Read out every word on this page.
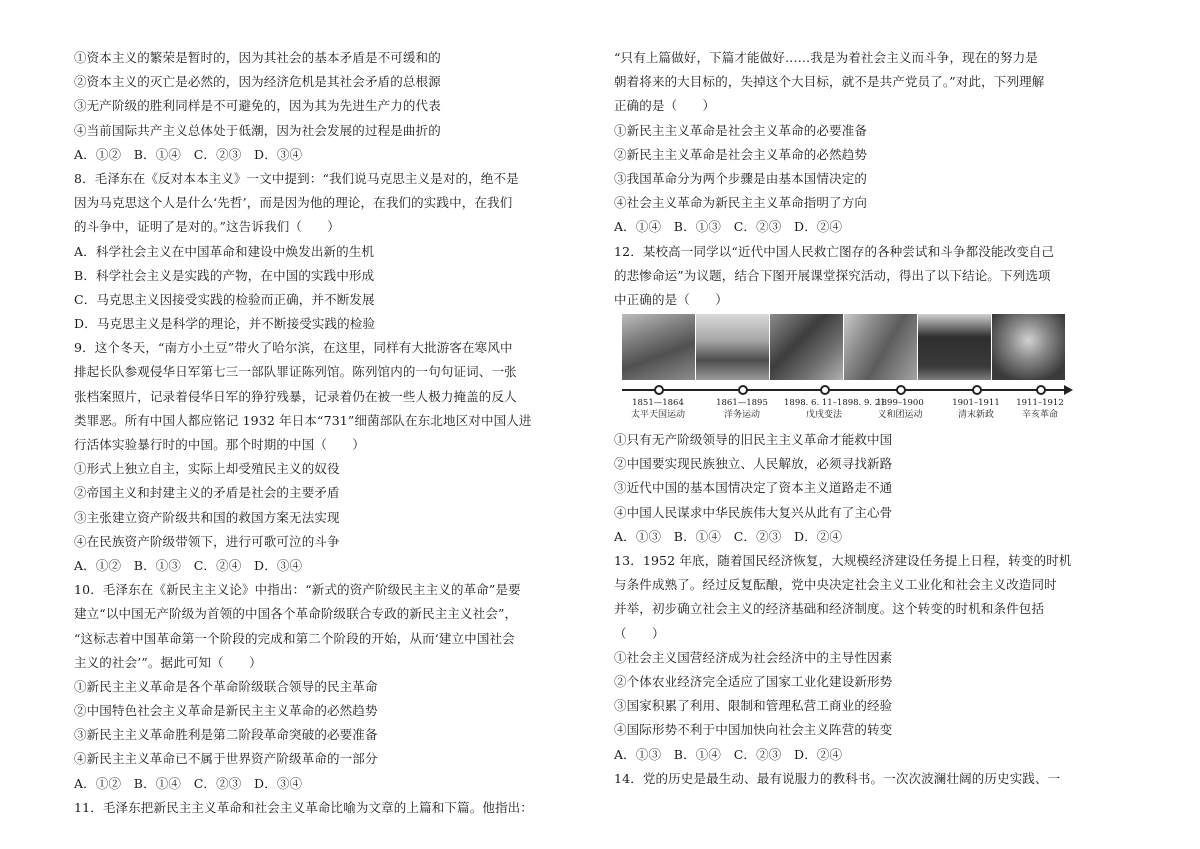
①资本主义的繁荣是暂时的，因为其社会的基本矛盾是不可缓和的
②资本主义的灭亡是必然的，因为经济危机是其社会矛盾的总根源
③无产阶级的胜利同样是不可避免的，因为其为先进生产力的代表
④当前国际共产主义总体处于低潮，因为社会发展的过程是曲折的
A．①②　B．①④　C．②③　D．③④
8．毛泽东在《反对本本主义》一文中提到：“我们说马克思主义是对的，绝不是
因为马克思这个人是什么‘先哲’，而是因为他的理论，在我们的实践中，在我们
的斗争中，证明了是对的。”这告诉我们（　　）
A．科学社会主义在中国革命和建设中焕发出新的生机
B．科学社会主义是实践的产物，在中国的实践中形成
C．马克思主义因接受实践的检验而正确，并不断发展
D．马克思主义是科学的理论，并不断接受实践的检验
9．这个冬天，“南方小土豆”带火了哈尔滨，在这里，同样有大批游客在寒风中
排起长队参观侵华日军第七三一部队罪证陈列馆。陈列馆内的一句句证词、一张
张档案照片，记录着侵华日军的狰狞残暴，记录着仍在被一些人极力掩盖的反人
类罪恶。所有中国人都应铭记 1932 年日本“731”细菌部队在东北地区对中国人进
行活体实验暴行时的中国。那个时期的中国（　　）
①形式上独立自主，实际上却受殖民主义的奴役
②帝国主义和封建主义的矛盾是社会的主要矛盾
③主张建立资产阶级共和国的救国方案无法实现
④在民族资产阶级带领下，进行可歌可泣的斗争
A．①②　B．①③　C．②④　D．③④
10．毛泽东在《新民主主义论》中指出：“新式的资产阶级民主主义的革命”是要
建立“以中国无产阶级为首领的中国各个革命阶级联合专政的新民主主义社会”，
“这标志着中国革命第一个阶段的完成和第二个阶段的开始，从而‘建立中国社会
主义的社会’”。据此可知（　　）
①新民主主义革命是各个革命阶级联合领导的民主革命
②中国特色社会主义革命是新民主主义革命的必然趋势
③新民主主义革命胜利是第二阶段革命突破的必要准备
④新民主主义革命已不属于世界资产阶级革命的一部分
A．①②　B．①④　C．②③　D．③④
11．毛泽东把新民主主义革命和社会主义革命比喻为文章的上篇和下篇。他指出：
“只有上篇做好，下篇才能做好……我是为着社会主义而斗争，现在的努力是
朝着将来的大目标的，失掉这个大目标，就不是共产党员了。”对此，下列理解
正确的是（　　）
①新民主主义革命是社会主义革命的必要准备
②新民主主义革命是社会主义革命的必然趋势
③我国革命分为两个步骤是由基本国情决定的
④社会主义革命为新民主主义革命指明了方向
A．①④　B．①③　C．②③　D．②④
12．某校高一同学以“近代中国人民救亡图存的各种尝试和斗争都没能改变自己
的悲惨命运”为议题，结合下图开展课堂探究活动，得出了以下结论。下列选项
中正确的是（　　）
1851—1864
太平天国运动
1861—1895
洋务运动
1898. 6. 11–1898. 9. 21
戊戌变法
1899–1900
义和团运动
1901–1911
清末新政
1911–1912
辛亥革命
①只有无产阶级领导的旧民主主义革命才能救中国
②中国要实现民族独立、人民解放，必须寻找新路
③近代中国的基本国情决定了资本主义道路走不通
④中国人民谋求中华民族伟大复兴从此有了主心骨
A．①③　B．①④　C．②③　D．②④
13．1952 年底，随着国民经济恢复，大规模经济建设任务提上日程，转变的时机
与条件成熟了。经过反复酝酿，党中央决定社会主义工业化和社会主义改造同时
并举，初步确立社会主义的经济基础和经济制度。这个转变的时机和条件包括
（　　）
①社会主义国营经济成为社会经济中的主导性因素
②个体农业经济完全适应了国家工业化建设新形势
③国家积累了利用、限制和管理私营工商业的经验
④国际形势不利于中国加快向社会主义阵营的转变
A．①③　B．①④　C．②③　D．②④
14．党的历史是最生动、最有说服力的教科书。一次次波澜壮阔的历史实践、一
